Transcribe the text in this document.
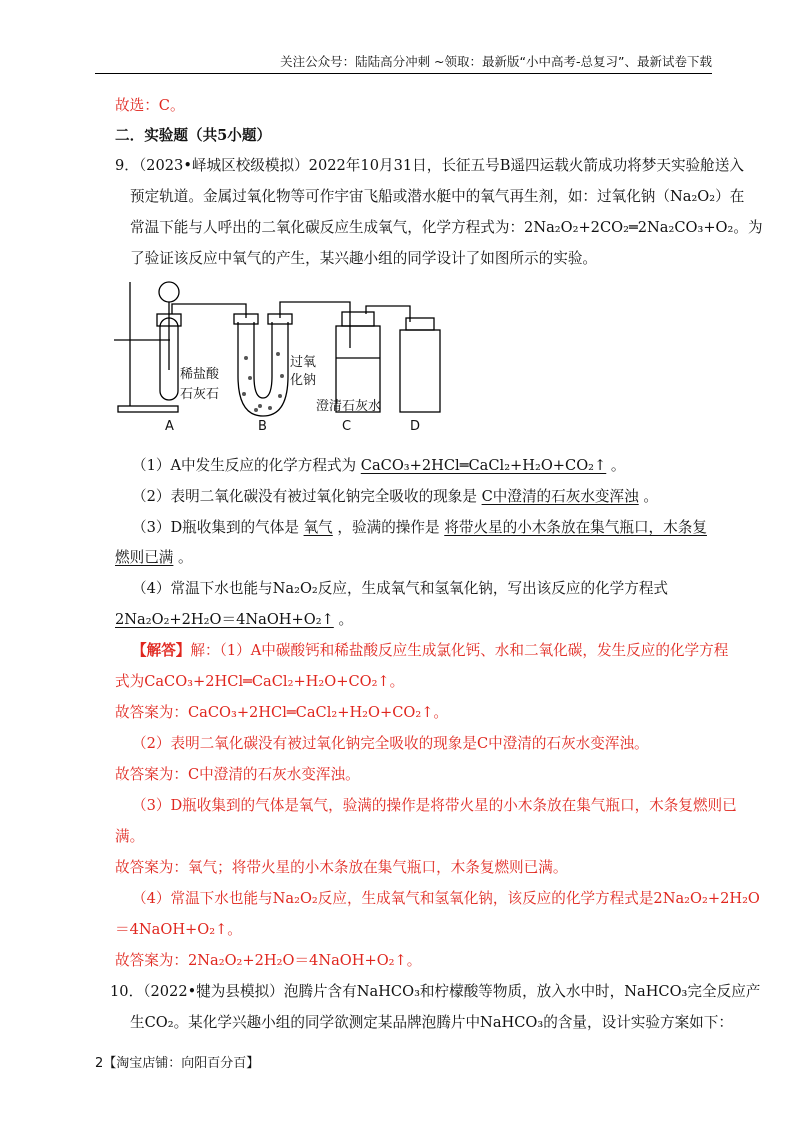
关注公众号：陆陆高分冲刺 ~领取：最新版“小中高考-总复习”、最新试卷下载
故选：C。
二．实验题（共5小题）
9．（2023•峄城区校级模拟）2022年10月31日，长征五号B遥四运载火箭成功将梦天实验舱送入
预定轨道。金属过氧化物等可作宇宙飞船或潜水艇中的氧气再生剂，如：过氧化钠（Na₂O₂）在
常温下能与人呼出的二氧化碳反应生成氧气，化学方程式为：2Na₂O₂+2CO₂═2Na₂CO₃+O₂。为
了验证该反应中氧气的产生，某兴趣小组的同学设计了如图所示的实验。
稀盐酸
石灰石
过氧
化钠
澄清石灰水
A	B	C	D
（1）A中发生反应的化学方程式为 CaCO₃+2HCl═CaCl₂+H₂O+CO₂↑ 。
（2）表明二氧化碳没有被过氧化钠完全吸收的现象是 C中澄清的石灰水变浑浊 。
（3）D瓶收集到的气体是 氧气 ，验满的操作是 将带火星的小木条放在集气瓶口，木条复
燃则已满 。
（4）常温下水也能与Na₂O₂反应，生成氧气和氢氧化钠，写出该反应的化学方程式
2Na₂O₂+2H₂O＝4NaOH+O₂↑ 。
【解答】解：（1）A中碳酸钙和稀盐酸反应生成氯化钙、水和二氧化碳，发生反应的化学方程
式为CaCO₃+2HCl═CaCl₂+H₂O+CO₂↑。
故答案为：CaCO₃+2HCl═CaCl₂+H₂O+CO₂↑。
（2）表明二氧化碳没有被过氧化钠完全吸收的现象是C中澄清的石灰水变浑浊。
故答案为：C中澄清的石灰水变浑浊。
（3）D瓶收集到的气体是氧气，验满的操作是将带火星的小木条放在集气瓶口，木条复燃则已
满。
故答案为：氧气；将带火星的小木条放在集气瓶口，木条复燃则已满。
（4）常温下水也能与Na₂O₂反应，生成氧气和氢氧化钠，该反应的化学方程式是2Na₂O₂+2H₂O
＝4NaOH+O₂↑。
故答案为：2Na₂O₂+2H₂O＝4NaOH+O₂↑。
10．（2022•犍为县模拟）泡腾片含有NaHCO₃和柠檬酸等物质，放入水中时，NaHCO₃完全反应产
生CO₂。某化学兴趣小组的同学欲测定某品牌泡腾片中NaHCO₃的含量，设计实验方案如下：
2【淘宝店铺：向阳百分百】
